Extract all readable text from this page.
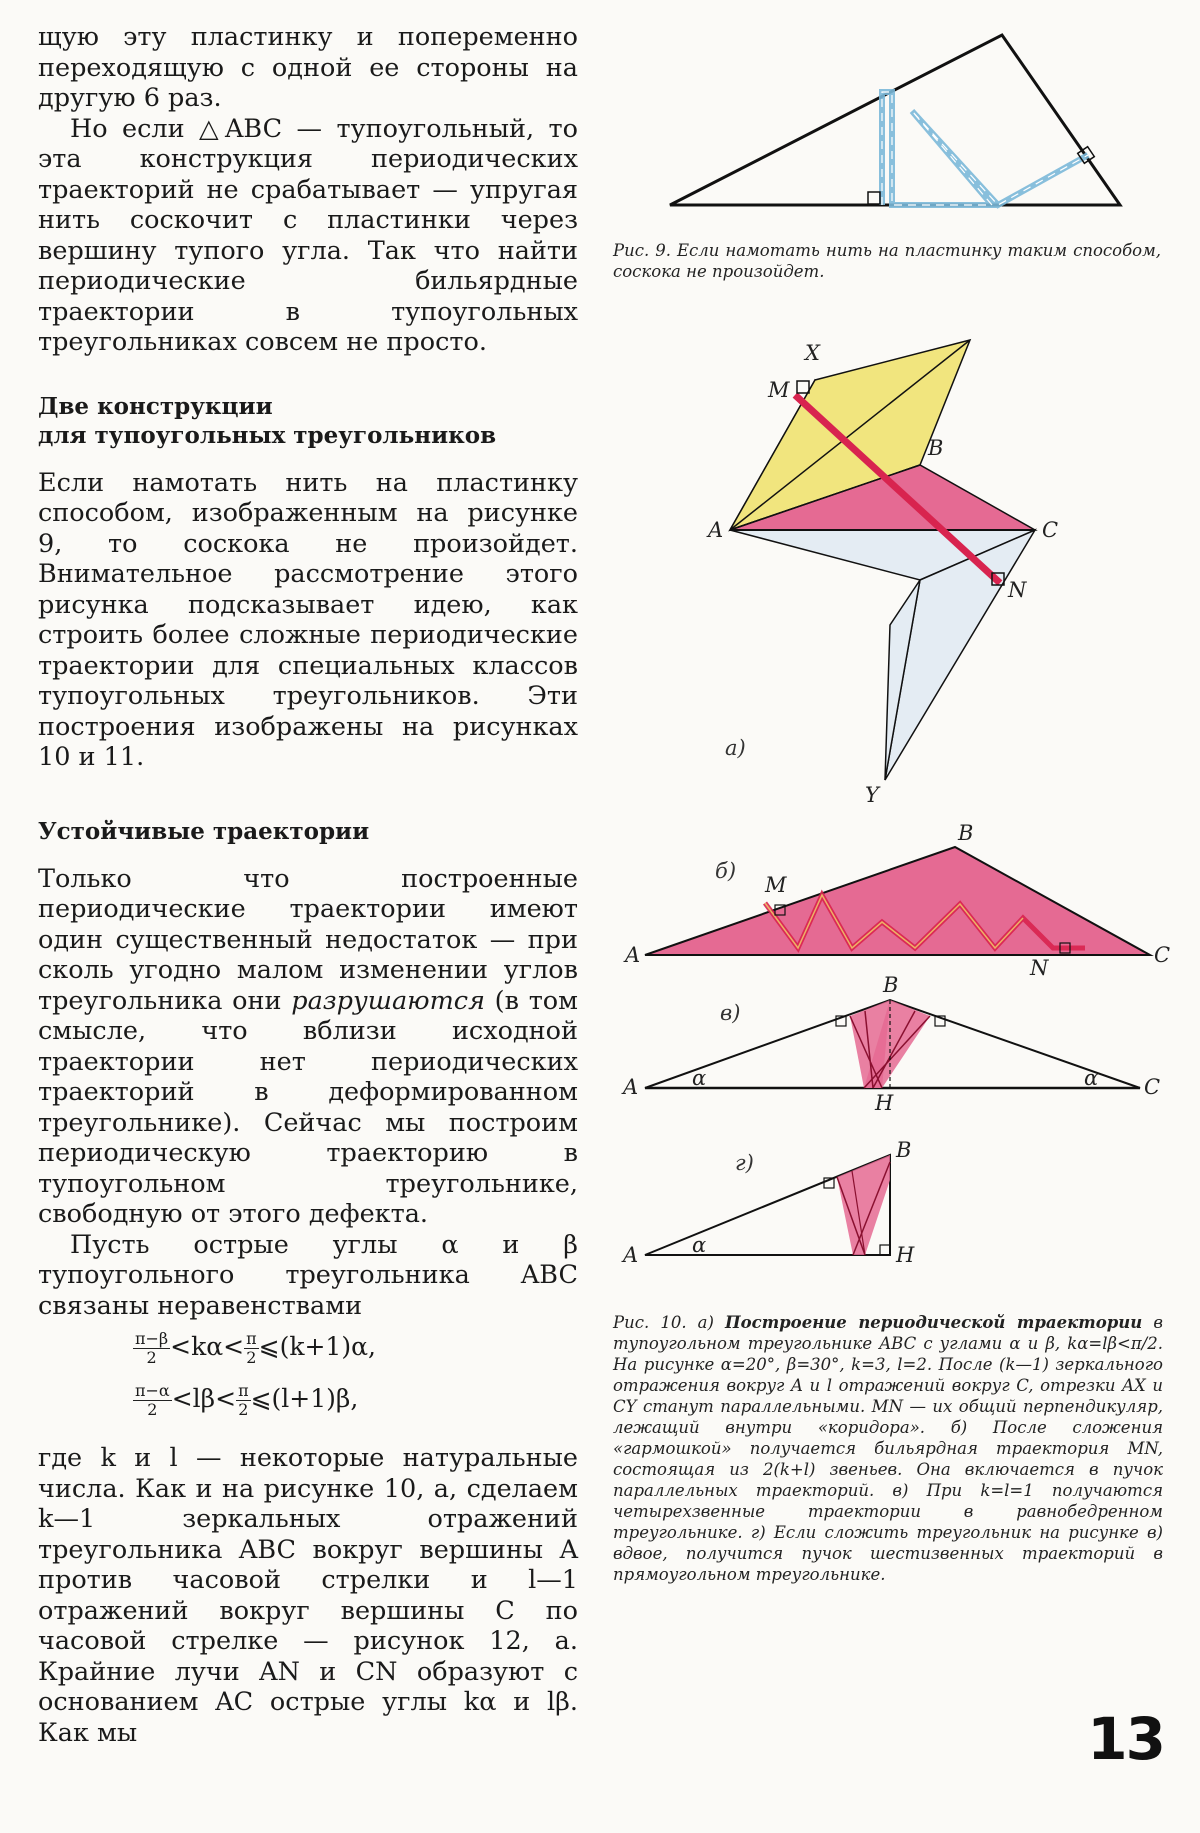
щую эту пластинку и попеременно переходящую с одной ее стороны на другую 6 раз.

Но если △ABC — тупоугольный, то эта конструкция периодических траекторий не срабатывает — упругая нить соскочит с пластинки через вершину тупого угла. Так что найти периодические бильярдные траектории в тупоугольных треугольниках совсем не просто.

Две конструкции
для тупоугольных треугольников

Если намотать нить на пластинку способом, изображенным на рисунке 9, то соскока не произойдет. Внимательное рассмотрение этого рисунка подсказывает идею, как строить более сложные периодические траектории для специальных классов тупоугольных треугольников. Эти построения изображены на рисунках 10 и 11.

Устойчивые траектории

Только что построенные периодические траектории имеют один существенный недостаток — при сколь угодно малом изменении углов треугольника они разрушаются (в том смысле, что вблизи исходной траектории нет периодических траекторий в деформированном треугольнике). Сейчас мы построим периодическую траекторию в тупоугольном треугольнике, свободную от этого дефекта.

Пусть острые углы α и β тупоугольного треугольника ABC связаны неравенствами

$\frac{\pi-\beta}{2} <k\alpha< \frac{\pi}{2}$ ⩽(k+1)α,
$\frac{\pi-\alpha}{2} <l\beta< \frac{\pi}{2}$ ⩽(l+1)β,

где k и l — некоторые натуральные числа. Как и на рисунке 10, а, сделаем k—1 зеркальных отражений треугольника ABC вокруг вершины A против часовой стрелки и l—1 отражений вокруг вершины C по часовой стрелке — рисунок 12, а. Крайние лучи AN и CN образуют с основанием AC острые углы kα и lβ. Как мы

Рис. 9. Если намотать нить на пластинку таким способом, соскока не произойдет.
X
M
B
A	C
N
Y
а)
B
M
A	C
N
б)
B
A	C
H
α	α
в)
B
A	H
α
г)
Рис. 10. а) Построение периодической траектории в тупоугольном треугольнике ABC с углами α и β, kα=lβ<π/2. На рисунке α=20°, β=30°, k=3, l=2. После (k—1) зеркального отражения вокруг A и l отражений вокруг C, отрезки AX и CY станут параллельными. MN — их общий перпендикуляр, лежащий внутри «коридора». б) После сложения «гармошкой» получается бильярдная траектория MN, состоящая из 2(k+l) звеньев. Она включается в пучок параллельных траекторий. в) При k=l=1 получаются четырехзвенные траектории в равнобедренном треугольнике. г) Если сложить треугольник на рисунке в) вдвое, получится пучок шестизвенных траекторий в прямоугольном треугольнике.
13
